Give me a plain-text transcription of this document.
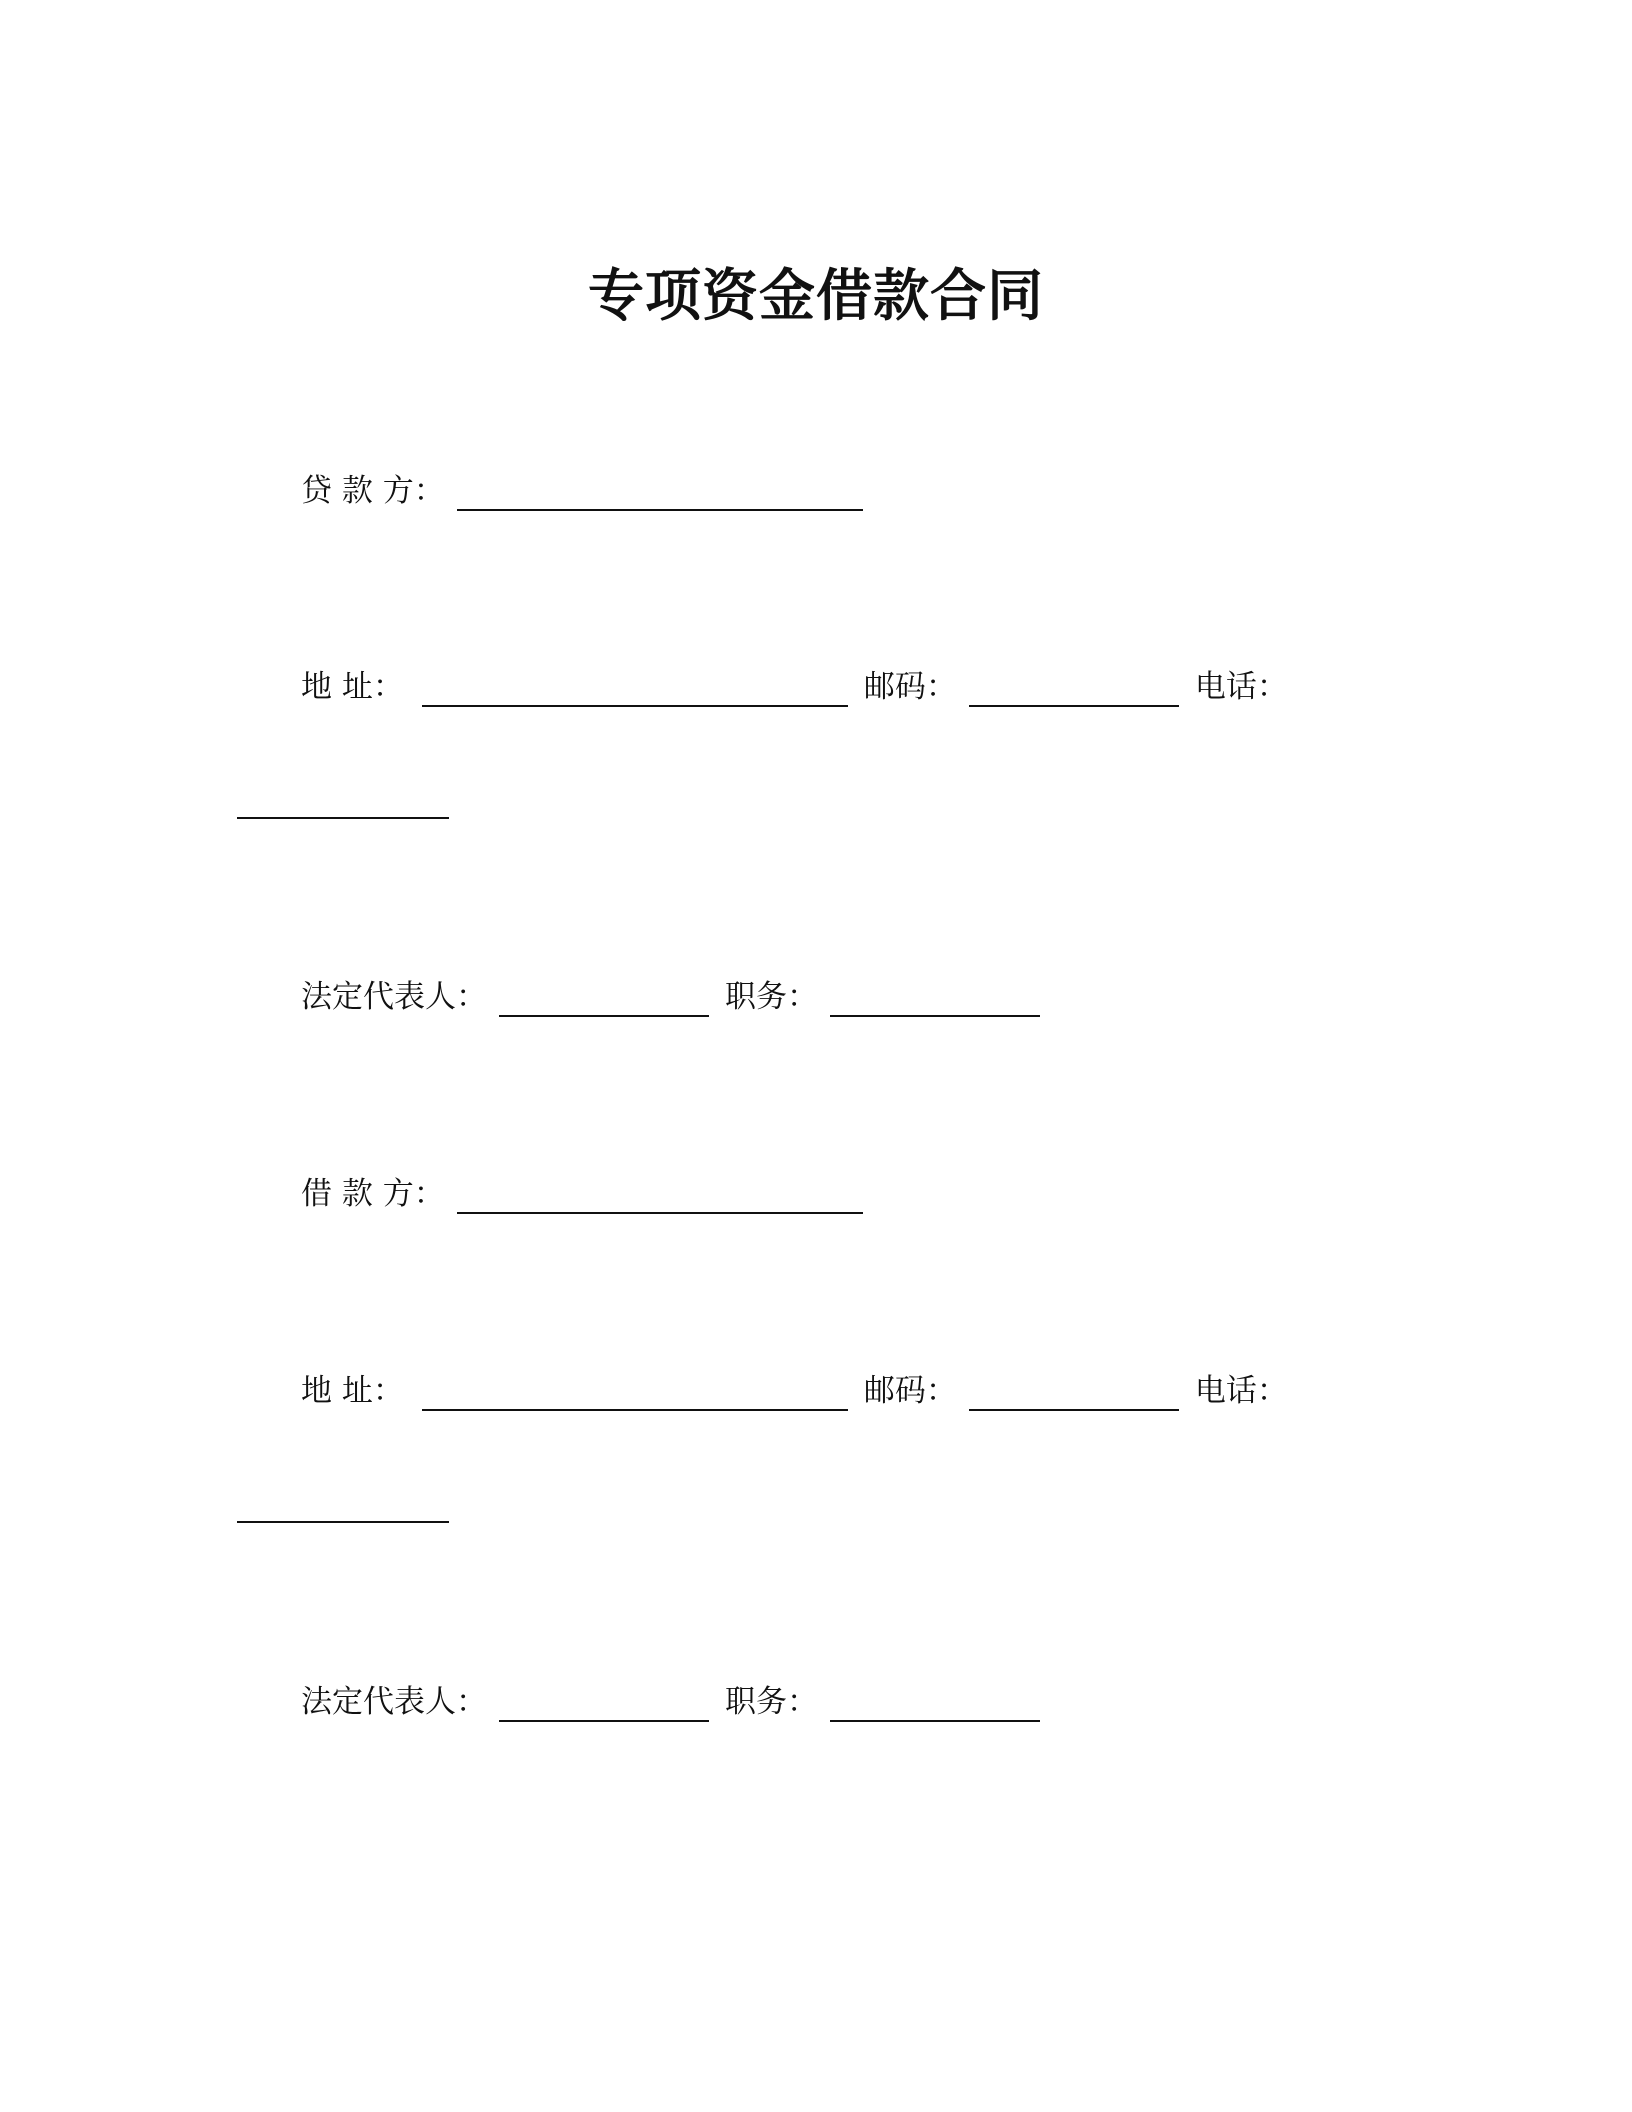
专项资金借款合同
贷 款 方：
地 址：	邮码：	电话：
法定代表人：	职务：
借 款 方：
地 址：	邮码：	电话：
法定代表人：	职务：
